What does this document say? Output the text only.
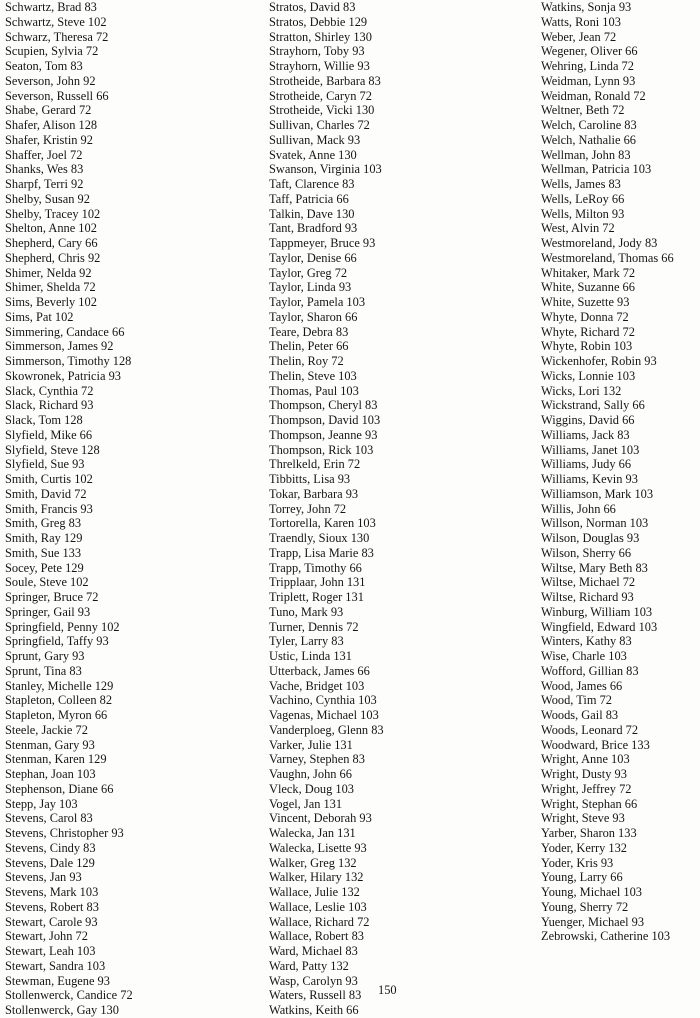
Schwartz, Brad 83
Schwartz, Steve 102
Schwarz, Theresa 72
Scupien, Sylvia 72
Seaton, Tom 83
Severson, John 92
Severson, Russell 66
Shabe, Gerard 72
Shafer, Alison 128
Shafer, Kristin 92
Shaffer, Joel 72
Shanks, Wes 83
Sharpf, Terri 92
Shelby, Susan 92
Shelby, Tracey 102
Shelton, Anne 102
Shepherd, Cary 66
Shepherd, Chris 92
Shimer, Nelda 92
Shimer, Shelda 72
Sims, Beverly 102
Sims, Pat 102
Simmering, Candace 66
Simmerson, James 92
Simmerson, Timothy 128
Skowronek, Patricia 93
Slack, Cynthia 72
Slack, Richard 93
Slack, Tom 128
Slyfield, Mike 66
Slyfield, Steve 128
Slyfield, Sue 93
Smith, Curtis 102
Smith, David 72
Smith, Francis 93
Smith, Greg 83
Smith, Ray 129
Smith, Sue 133
Socey, Pete 129
Soule, Steve 102
Springer, Bruce 72
Springer, Gail 93
Springfield, Penny 102
Springfield, Taffy 93
Sprunt, Gary 93
Sprunt, Tina 83
Stanley, Michelle 129
Stapleton, Colleen 82
Stapleton, Myron 66
Steele, Jackie 72
Stenman, Gary 93
Stenman, Karen 129
Stephan, Joan 103
Stephenson, Diane 66
Stepp, Jay 103
Stevens, Carol 83
Stevens, Christopher 93
Stevens, Cindy 83
Stevens, Dale 129
Stevens, Jan 93
Stevens, Mark 103
Stevens, Robert 83
Stewart, Carole 93
Stewart, John 72
Stewart, Leah 103
Stewart, Sandra 103
Stewman, Eugene 93
Stollenwerck, Candice 72
Stollenwerck, Gay 130
Stratos, David 83
Stratos, Debbie 129
Stratton, Shirley 130
Strayhorn, Toby 93
Strayhorn, Willie 93
Strotheide, Barbara 83
Strotheide, Caryn 72
Strotheide, Vicki 130
Sullivan, Charles 72
Sullivan, Mack 93
Svatek, Anne 130
Swanson, Virginia 103
Taft, Clarence 83
Taff, Patricia 66
Talkin, Dave 130
Tant, Bradford 93
Tappmeyer, Bruce 93
Taylor, Denise 66
Taylor, Greg 72
Taylor, Linda 93
Taylor, Pamela 103
Taylor, Sharon 66
Teare, Debra 83
Thelin, Peter 66
Thelin, Roy 72
Thelin, Steve 103
Thomas, Paul 103
Thompson, Cheryl 83
Thompson, David 103
Thompson, Jeanne 93
Thompson, Rick 103
Threlkeld, Erin 72
Tibbitts, Lisa 93
Tokar, Barbara 93
Torrey, John 72
Tortorella, Karen 103
Traendly, Sioux 130
Trapp, Lisa Marie 83
Trapp, Timothy 66
Tripplaar, John 131
Triplett, Roger 131
Tuno, Mark 93
Turner, Dennis 72
Tyler, Larry 83
Ustic, Linda 131
Utterback, James 66
Vache, Bridget 103
Vachino, Cynthia 103
Vagenas, Michael 103
Vanderploeg, Glenn 83
Varker, Julie 131
Varney, Stephen 83
Vaughn, John 66
Vleck, Doug 103
Vogel, Jan 131
Vincent, Deborah 93
Walecka, Jan 131
Walecka, Lisette 93
Walker, Greg 132
Walker, Hilary 132
Wallace, Julie 132
Wallace, Leslie 103
Wallace, Richard 72
Wallace, Robert 83
Ward, Michael 83
Ward, Patty 132
Wasp, Carolyn 93
Waters, Russell 83
Watkins, Keith 66
Watkins, Sonja 93
Watts, Roni 103
Weber, Jean 72
Wegener, Oliver 66
Wehring, Linda 72
Weidman, Lynn 93
Weidman, Ronald 72
Weltner, Beth 72
Welch, Caroline 83
Welch, Nathalie 66
Wellman, John 83
Wellman, Patricia 103
Wells, James 83
Wells, LeRoy 66
Wells, Milton 93
West, Alvin 72
Westmoreland, Jody 83
Westmoreland, Thomas 66
Whitaker, Mark 72
White, Suzanne 66
White, Suzette 93
Whyte, Donna 72
Whyte, Richard 72
Whyte, Robin 103
Wickenhofer, Robin 93
Wicks, Lonnie 103
Wicks, Lori 132
Wickstrand, Sally 66
Wiggins, David 66
Williams, Jack 83
Williams, Janet 103
Williams, Judy 66
Williams, Kevin 93
Williamson, Mark 103
Willis, John 66
Willson, Norman 103
Wilson, Douglas 93
Wilson, Sherry 66
Wiltse, Mary Beth 83
Wiltse, Michael 72
Wiltse, Richard 93
Winburg, William 103
Wingfield, Edward 103
Winters, Kathy 83
Wise, Charle 103
Wofford, Gillian 83
Wood, James 66
Wood, Tim 72
Woods, Gail 83
Woods, Leonard 72
Woodward, Brice 133
Wright, Anne 103
Wright, Dusty 93
Wright, Jeffrey 72
Wright, Stephan 66
Wright, Steve 93
Yarber, Sharon 133
Yoder, Kerry 132
Yoder, Kris 93
Young, Larry 66
Young, Michael 103
Young, Sherry 72
Yuenger, Michael 93
Zebrowski, Catherine 103
150
